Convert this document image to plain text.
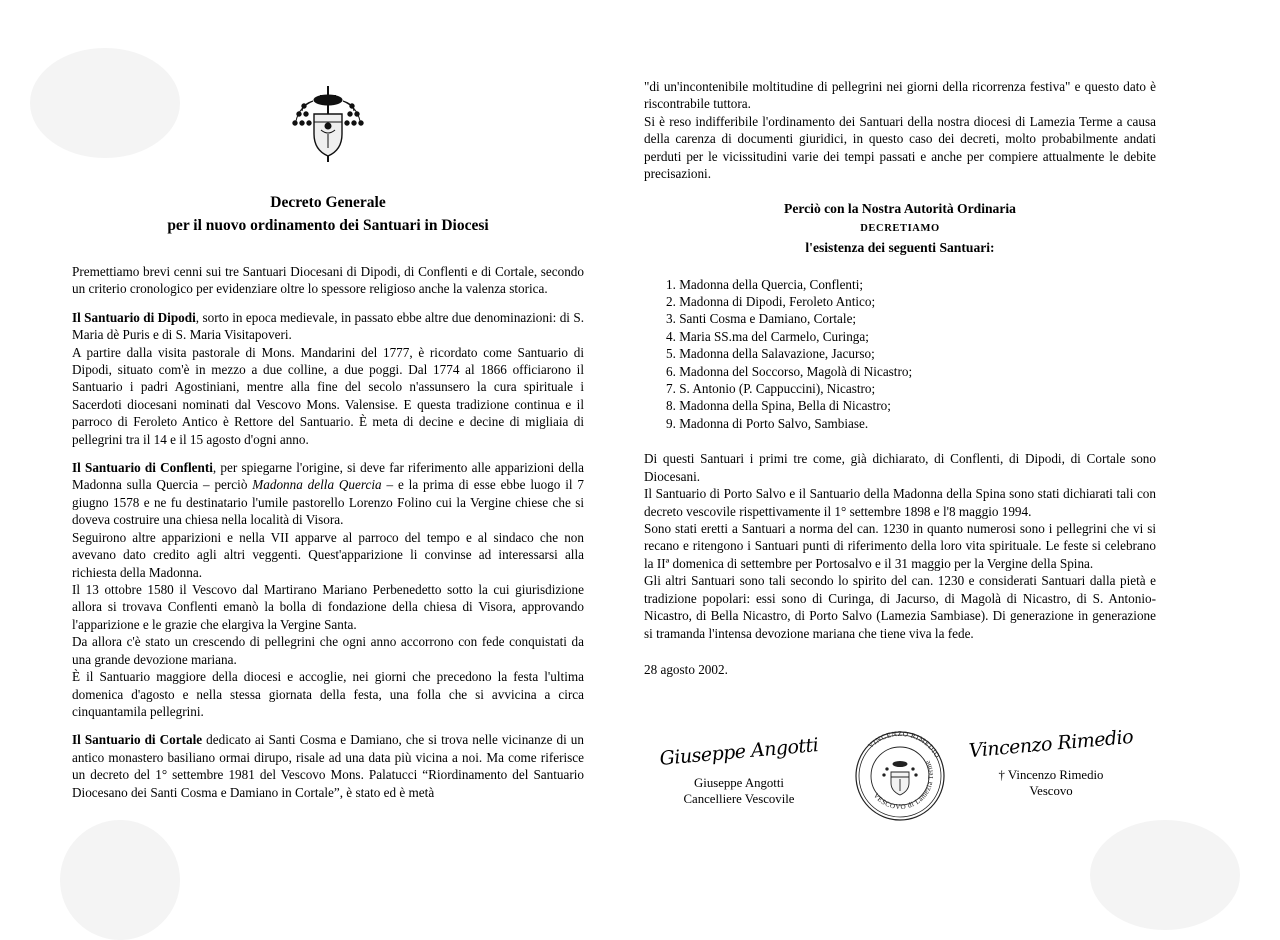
Decreto Generale
per il nuovo ordinamento dei Santuari in Diocesi

Premettiamo brevi cenni sui tre Santuari Diocesani di Dipodi, di Conflenti e di Cortale, secondo un criterio cronologico per evidenziare oltre lo spessore religioso anche la valenza storica.

Il Santuario di Dipodi, sorto in epoca medievale, in passato ebbe altre due denominazioni: di S. Maria dè Puris e di S. Maria Visitapoveri.

A partire dalla visita pastorale di Mons. Mandarini del 1777, è ricordato come Santuario di Dipodi, situato com'è in mezzo a due colline, a due poggi. Dal 1774 al 1866 officiarono il Santuario i padri Agostiniani, mentre alla fine del secolo n'assunsero la cura spirituale i Sacerdoti diocesani nominati dal Vescovo Mons. Valensise. E questa tradizione continua e il parroco di Feroleto Antico è Rettore del Santuario. È meta di decine e decine di migliaia di pellegrini tra il 14 e il 15 agosto d'ogni anno.

Il Santuario di Conflenti, per spiegarne l'origine, si deve far riferimento alle apparizioni della Madonna sulla Quercia – perciò Madonna della Quercia – e la prima di esse ebbe luogo il 7 giugno 1578 e ne fu destinatario l'umile pastorello Lorenzo Folino cui la Vergine chiese che si doveva costruire una chiesa nella località di Visora.

Seguirono altre apparizioni e nella VII apparve al parroco del tempo e al sindaco che non avevano dato credito agli altri veggenti. Quest'apparizione li convinse ad interessarsi alla richiesta della Madonna.

Il 13 ottobre 1580 il Vescovo dal Martirano Mariano Perbenedetto sotto la cui giurisdizione allora si trovava Conflenti emanò la bolla di fondazione della chiesa di Visora, approvando l'apparizione e le grazie che elargiva la Vergine Santa.

Da allora c'è stato un crescendo di pellegrini che ogni anno accorrono con fede conquistati da una grande devozione mariana.

È il Santuario maggiore della diocesi e accoglie, nei giorni che precedono la festa l'ultima domenica d'agosto e nella stessa giornata della festa, una folla che si avvicina a circa cinquantamila pellegrini.

Il Santuario di Cortale dedicato ai Santi Cosma e Damiano, che si trova nelle vicinanze di un antico monastero basiliano ormai dirupo, risale ad una data più vicina a noi. Ma come riferisce un decreto del 1° settembre 1981 del Vescovo Mons. Palatucci “Riordinamento del Santuario Diocesano dei Santi Cosma e Damiano in Cortale”, è stato ed è metà

"di un'incontenibile moltitudine di pellegrini nei giorni della ricorrenza festiva" e questo dato è riscontrabile tuttora.

Si è reso indifferibile l'ordinamento dei Santuari della nostra diocesi di Lamezia Terme a causa della carenza di documenti giuridici, in questo caso dei decreti, molto probabilmente andati perduti per le vicissitudini varie dei tempi passati e anche per compiere attualmente le debite precisazioni.

Perciò con la Nostra Autorità Ordinaria
DECRETIAMO
l'esistenza dei seguenti Santuari:
1. Madonna della Quercia, Conflenti;
2. Madonna di Dipodi, Feroleto Antico;
3. Santi Cosma e Damiano, Cortale;
4. Maria SS.ma del Carmelo, Curinga;
5. Madonna della Salavazione, Jacurso;
6. Madonna del Soccorso, Magolà di Nicastro;
7. S. Antonio (P. Cappuccini), Nicastro;
8. Madonna della Spina, Bella di Nicastro;
9. Madonna di Porto Salvo, Sambiase.

Di questi Santuari i primi tre come, già dichiarato, di Conflenti, di Dipodi, di Cortale sono Diocesani.

Il Santuario di Porto Salvo e il Santuario della Madonna della Spina sono stati dichiarati tali con decreto vescovile rispettivamente il 1° settembre 1898 e l'8 maggio 1994.

Sono stati eretti a Santuari a norma del can. 1230 in quanto numerosi sono i pellegrini che vi si recano e ritengono i Santuari punti di riferimento della loro vita spirituale. Le feste si celebrano la IIª domenica di settembre per Portosalvo e il 31 maggio per la Vergine della Spina.

Gli altri Santuari sono tali secondo lo spirito del can. 1230 e considerati Santuari dalla pietà e tradizione popolari: essi sono di Curinga, di Jacurso, di Magolà di Nicastro, di S. Antonio-Nicastro, di Bella Nicastro, di Porto Salvo (Lamezia Sambiase). Di generazione in generazione si tramanda l'intensa devozione mariana che tiene viva la fede.

28 agosto 2002.

VINCENZO RIMEDIO
VESCOVO di Lamezia Terme
Giuseppe Angotti
Giuseppe Angotti
Cancelliere Vescovile
Vincenzo Rimedio
† Vincenzo Rimedio
Vescovo
